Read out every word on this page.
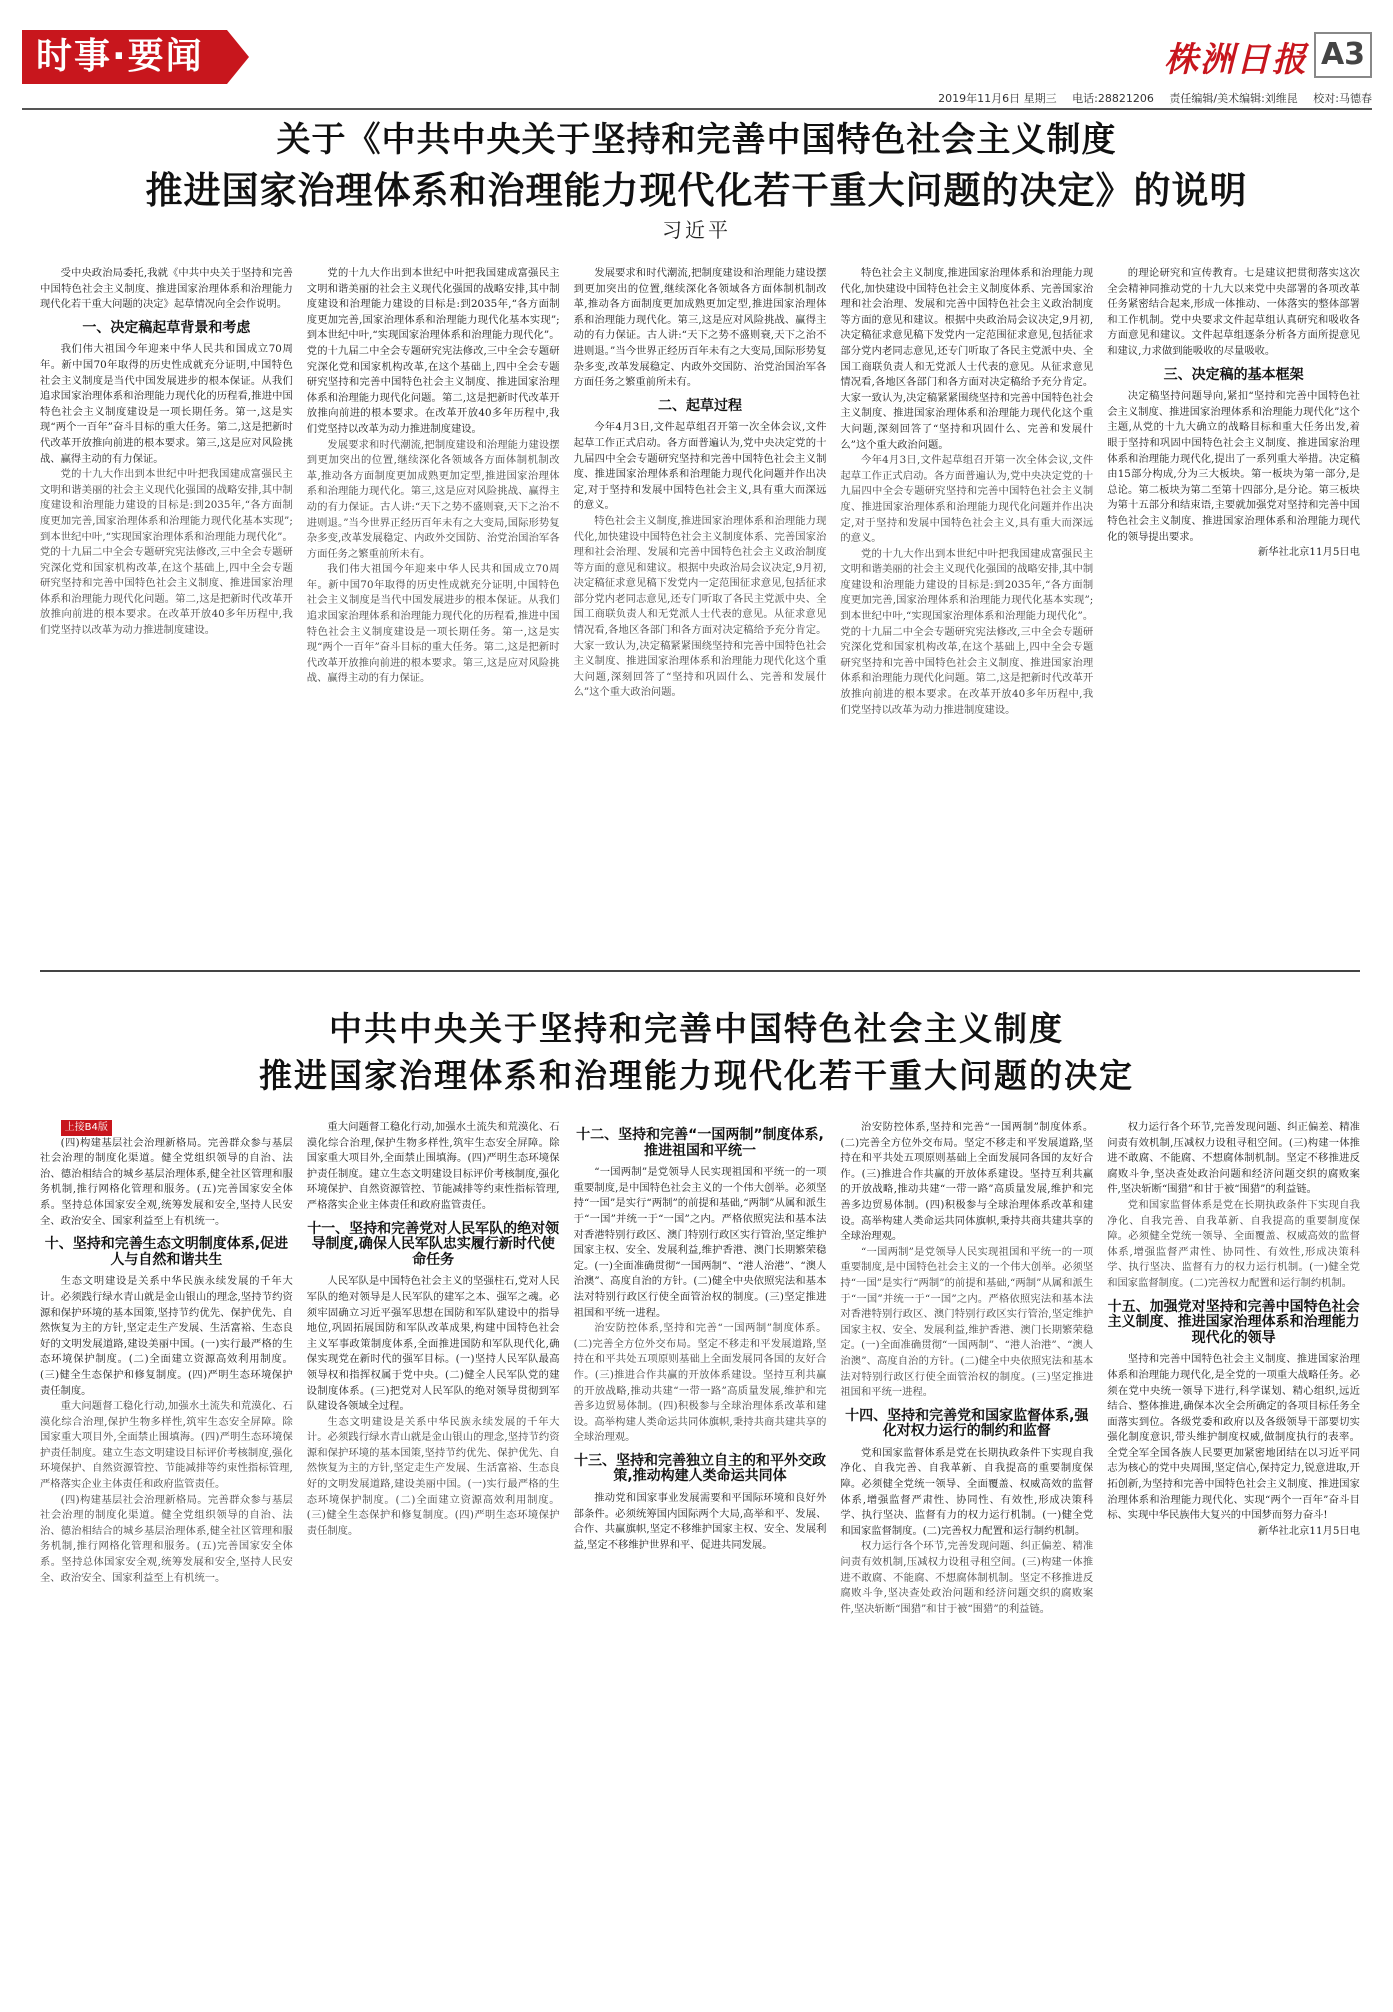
时事·要闻	株洲日报 A3
2019年11月6日 星期三 电话:28821206 责任编辑/美术编辑:刘维昆 校对:马德春
关于《中共中央关于坚持和完善中国特色社会主义制度
推进国家治理体系和治理能力现代化若干重大问题的决定》的说明
习近平

受中央政治局委托,我就《中共中央关于坚持和完善中国特色社会主义制度、推进国家治理体系和治理能力现代化若干重大问题的决定》起草情况向全会作说明。

一、决定稿起草背景和考虑

我们伟大祖国今年迎来中华人民共和国成立70周年。新中国70年取得的历史性成就充分证明,中国特色社会主义制度是当代中国发展进步的根本保证。从我们追求国家治理体系和治理能力现代化的历程看,推进中国特色社会主义制度建设是一项长期任务。第一,这是实现“两个一百年”奋斗目标的重大任务。第二,这是把新时代改革开放推向前进的根本要求。第三,这是应对风险挑战、赢得主动的有力保证。

党的十九大作出到本世纪中叶把我国建成富强民主文明和谐美丽的社会主义现代化强国的战略安排,其中制度建设和治理能力建设的目标是:到2035年,“各方面制度更加完善,国家治理体系和治理能力现代化基本实现”;到本世纪中叶,“实现国家治理体系和治理能力现代化”。党的十九届二中全会专题研究宪法修改,三中全会专题研究深化党和国家机构改革,在这个基础上,四中全会专题研究坚持和完善中国特色社会主义制度、推进国家治理体系和治理能力现代化问题。第二,这是把新时代改革开放推向前进的根本要求。在改革开放40多年历程中,我们党坚持以改革为动力推进制度建设。

党的十九大作出到本世纪中叶把我国建成富强民主文明和谐美丽的社会主义现代化强国的战略安排,其中制度建设和治理能力建设的目标是:到2035年,“各方面制度更加完善,国家治理体系和治理能力现代化基本实现”;到本世纪中叶,“实现国家治理体系和治理能力现代化”。党的十九届二中全会专题研究宪法修改,三中全会专题研究深化党和国家机构改革,在这个基础上,四中全会专题研究坚持和完善中国特色社会主义制度、推进国家治理体系和治理能力现代化问题。第二,这是把新时代改革开放推向前进的根本要求。在改革开放40多年历程中,我们党坚持以改革为动力推进制度建设。

发展要求和时代潮流,把制度建设和治理能力建设摆到更加突出的位置,继续深化各领域各方面体制机制改革,推动各方面制度更加成熟更加定型,推进国家治理体系和治理能力现代化。第三,这是应对风险挑战、赢得主动的有力保证。古人讲:“天下之势不盛则衰,天下之治不进则退。”当今世界正经历百年未有之大变局,国际形势复杂多变,改革发展稳定、内政外交国防、治党治国治军各方面任务之繁重前所未有。

我们伟大祖国今年迎来中华人民共和国成立70周年。新中国70年取得的历史性成就充分证明,中国特色社会主义制度是当代中国发展进步的根本保证。从我们追求国家治理体系和治理能力现代化的历程看,推进中国特色社会主义制度建设是一项长期任务。第一,这是实现“两个一百年”奋斗目标的重大任务。第二,这是把新时代改革开放推向前进的根本要求。第三,这是应对风险挑战、赢得主动的有力保证。

发展要求和时代潮流,把制度建设和治理能力建设摆到更加突出的位置,继续深化各领域各方面体制机制改革,推动各方面制度更加成熟更加定型,推进国家治理体系和治理能力现代化。第三,这是应对风险挑战、赢得主动的有力保证。古人讲:“天下之势不盛则衰,天下之治不进则退。”当今世界正经历百年未有之大变局,国际形势复杂多变,改革发展稳定、内政外交国防、治党治国治军各方面任务之繁重前所未有。

二、起草过程

今年4月3日,文件起草组召开第一次全体会议,文件起草工作正式启动。各方面普遍认为,党中央决定党的十九届四中全会专题研究坚持和完善中国特色社会主义制度、推进国家治理体系和治理能力现代化问题并作出决定,对于坚持和发展中国特色社会主义,具有重大而深远的意义。

特色社会主义制度,推进国家治理体系和治理能力现代化,加快建设中国特色社会主义制度体系、完善国家治理和社会治理、发展和完善中国特色社会主义政治制度等方面的意见和建议。根据中央政治局会议决定,9月初,决定稿征求意见稿下发党内一定范围征求意见,包括征求部分党内老同志意见,还专门听取了各民主党派中央、全国工商联负责人和无党派人士代表的意见。从征求意见情况看,各地区各部门和各方面对决定稿给予充分肯定。大家一致认为,决定稿紧紧围绕坚持和完善中国特色社会主义制度、推进国家治理体系和治理能力现代化这个重大问题,深刻回答了“坚持和巩固什么、完善和发展什么”这个重大政治问题。

特色社会主义制度,推进国家治理体系和治理能力现代化,加快建设中国特色社会主义制度体系、完善国家治理和社会治理、发展和完善中国特色社会主义政治制度等方面的意见和建议。根据中央政治局会议决定,9月初,决定稿征求意见稿下发党内一定范围征求意见,包括征求部分党内老同志意见,还专门听取了各民主党派中央、全国工商联负责人和无党派人士代表的意见。从征求意见情况看,各地区各部门和各方面对决定稿给予充分肯定。大家一致认为,决定稿紧紧围绕坚持和完善中国特色社会主义制度、推进国家治理体系和治理能力现代化这个重大问题,深刻回答了“坚持和巩固什么、完善和发展什么”这个重大政治问题。

今年4月3日,文件起草组召开第一次全体会议,文件起草工作正式启动。各方面普遍认为,党中央决定党的十九届四中全会专题研究坚持和完善中国特色社会主义制度、推进国家治理体系和治理能力现代化问题并作出决定,对于坚持和发展中国特色社会主义,具有重大而深远的意义。

党的十九大作出到本世纪中叶把我国建成富强民主文明和谐美丽的社会主义现代化强国的战略安排,其中制度建设和治理能力建设的目标是:到2035年,“各方面制度更加完善,国家治理体系和治理能力现代化基本实现”;到本世纪中叶,“实现国家治理体系和治理能力现代化”。党的十九届二中全会专题研究宪法修改,三中全会专题研究深化党和国家机构改革,在这个基础上,四中全会专题研究坚持和完善中国特色社会主义制度、推进国家治理体系和治理能力现代化问题。第二,这是把新时代改革开放推向前进的根本要求。在改革开放40多年历程中,我们党坚持以改革为动力推进制度建设。

的理论研究和宣传教育。七是建议把贯彻落实这次全会精神同推动党的十九大以来党中央部署的各项改革任务紧密结合起来,形成一体推动、一体落实的整体部署和工作机制。党中央要求文件起草组认真研究和吸收各方面意见和建议。文件起草组逐条分析各方面所提意见和建议,力求做到能吸收的尽量吸收。

三、决定稿的基本框架

决定稿坚持问题导向,紧扣“坚持和完善中国特色社会主义制度、推进国家治理体系和治理能力现代化”这个主题,从党的十九大确立的战略目标和重大任务出发,着眼于坚持和巩固中国特色社会主义制度、推进国家治理体系和治理能力现代化,提出了一系列重大举措。决定稿由15部分构成,分为三大板块。第一板块为第一部分,是总论。第二板块为第二至第十四部分,是分论。第三板块为第十五部分和结束语,主要就加强党对坚持和完善中国特色社会主义制度、推进国家治理体系和治理能力现代化的领导提出要求。

新华社北京11月5日电

中共中央关于坚持和完善中国特色社会主义制度
推进国家治理体系和治理能力现代化若干重大问题的决定

上接B4版

(四)构建基层社会治理新格局。完善群众参与基层社会治理的制度化渠道。健全党组织领导的自治、法治、德治相结合的城乡基层治理体系,健全社区管理和服务机制,推行网格化管理和服务。(五)完善国家安全体系。坚持总体国家安全观,统筹发展和安全,坚持人民安全、政治安全、国家利益至上有机统一。

十、坚持和完善生态文明制度体系,促进人与自然和谐共生

生态文明建设是关系中华民族永续发展的千年大计。必须践行绿水青山就是金山银山的理念,坚持节约资源和保护环境的基本国策,坚持节约优先、保护优先、自然恢复为主的方针,坚定走生产发展、生活富裕、生态良好的文明发展道路,建设美丽中国。(一)实行最严格的生态环境保护制度。(二)全面建立资源高效利用制度。(三)健全生态保护和修复制度。(四)严明生态环境保护责任制度。

重大问题督工稳化行动,加强水土流失和荒漠化、石漠化综合治理,保护生物多样性,筑牢生态安全屏障。除国家重大项目外,全面禁止围填海。(四)严明生态环境保护责任制度。建立生态文明建设目标评价考核制度,强化环境保护、自然资源管控、节能减排等约束性指标管理,严格落实企业主体责任和政府监管责任。

(四)构建基层社会治理新格局。完善群众参与基层社会治理的制度化渠道。健全党组织领导的自治、法治、德治相结合的城乡基层治理体系,健全社区管理和服务机制,推行网格化管理和服务。(五)完善国家安全体系。坚持总体国家安全观,统筹发展和安全,坚持人民安全、政治安全、国家利益至上有机统一。

重大问题督工稳化行动,加强水土流失和荒漠化、石漠化综合治理,保护生物多样性,筑牢生态安全屏障。除国家重大项目外,全面禁止围填海。(四)严明生态环境保护责任制度。建立生态文明建设目标评价考核制度,强化环境保护、自然资源管控、节能减排等约束性指标管理,严格落实企业主体责任和政府监管责任。

十一、坚持和完善党对人民军队的绝对领导制度,确保人民军队忠实履行新时代使命任务

人民军队是中国特色社会主义的坚强柱石,党对人民军队的绝对领导是人民军队的建军之本、强军之魂。必须牢固确立习近平强军思想在国防和军队建设中的指导地位,巩固拓展国防和军队改革成果,构建中国特色社会主义军事政策制度体系,全面推进国防和军队现代化,确保实现党在新时代的强军目标。(一)坚持人民军队最高领导权和指挥权属于党中央。(二)健全人民军队党的建设制度体系。(三)把党对人民军队的绝对领导贯彻到军队建设各领域全过程。

生态文明建设是关系中华民族永续发展的千年大计。必须践行绿水青山就是金山银山的理念,坚持节约资源和保护环境的基本国策,坚持节约优先、保护优先、自然恢复为主的方针,坚定走生产发展、生活富裕、生态良好的文明发展道路,建设美丽中国。(一)实行最严格的生态环境保护制度。(二)全面建立资源高效利用制度。(三)健全生态保护和修复制度。(四)严明生态环境保护责任制度。

十二、坚持和完善“一国两制”制度体系,推进祖国和平统一

“一国两制”是党领导人民实现祖国和平统一的一项重要制度,是中国特色社会主义的一个伟大创举。必须坚持“一国”是实行“两制”的前提和基础,“两制”从属和派生于“一国”并统一于“一国”之内。严格依照宪法和基本法对香港特别行政区、澳门特别行政区实行管治,坚定维护国家主权、安全、发展利益,维护香港、澳门长期繁荣稳定。(一)全面准确贯彻“一国两制”、“港人治港”、“澳人治澳”、高度自治的方针。(二)健全中央依照宪法和基本法对特别行政区行使全面管治权的制度。(三)坚定推进祖国和平统一进程。

治安防控体系,坚持和完善“一国两制”制度体系。(二)完善全方位外交布局。坚定不移走和平发展道路,坚持在和平共处五项原则基础上全面发展同各国的友好合作。(三)推进合作共赢的开放体系建设。坚持互利共赢的开放战略,推动共建“一带一路”高质量发展,维护和完善多边贸易体制。(四)积极参与全球治理体系改革和建设。高举构建人类命运共同体旗帜,秉持共商共建共享的全球治理观。

十三、坚持和完善独立自主的和平外交政策,推动构建人类命运共同体

推动党和国家事业发展需要和平国际环境和良好外部条件。必须统筹国内国际两个大局,高举和平、发展、合作、共赢旗帜,坚定不移维护国家主权、安全、发展利益,坚定不移维护世界和平、促进共同发展。

治安防控体系,坚持和完善“一国两制”制度体系。(二)完善全方位外交布局。坚定不移走和平发展道路,坚持在和平共处五项原则基础上全面发展同各国的友好合作。(三)推进合作共赢的开放体系建设。坚持互利共赢的开放战略,推动共建“一带一路”高质量发展,维护和完善多边贸易体制。(四)积极参与全球治理体系改革和建设。高举构建人类命运共同体旗帜,秉持共商共建共享的全球治理观。

“一国两制”是党领导人民实现祖国和平统一的一项重要制度,是中国特色社会主义的一个伟大创举。必须坚持“一国”是实行“两制”的前提和基础,“两制”从属和派生于“一国”并统一于“一国”之内。严格依照宪法和基本法对香港特别行政区、澳门特别行政区实行管治,坚定维护国家主权、安全、发展利益,维护香港、澳门长期繁荣稳定。(一)全面准确贯彻“一国两制”、“港人治港”、“澳人治澳”、高度自治的方针。(二)健全中央依照宪法和基本法对特别行政区行使全面管治权的制度。(三)坚定推进祖国和平统一进程。

十四、坚持和完善党和国家监督体系,强化对权力运行的制约和监督

党和国家监督体系是党在长期执政条件下实现自我净化、自我完善、自我革新、自我提高的重要制度保障。必须健全党统一领导、全面覆盖、权威高效的监督体系,增强监督严肃性、协同性、有效性,形成决策科学、执行坚决、监督有力的权力运行机制。(一)健全党和国家监督制度。(二)完善权力配置和运行制约机制。

权力运行各个环节,完善发现问题、纠正偏差、精准问责有效机制,压减权力设租寻租空间。(三)构建一体推进不敢腐、不能腐、不想腐体制机制。坚定不移推进反腐败斗争,坚决查处政治问题和经济问题交织的腐败案件,坚决斩断“围猎”和甘于被“围猎”的利益链。

权力运行各个环节,完善发现问题、纠正偏差、精准问责有效机制,压减权力设租寻租空间。(三)构建一体推进不敢腐、不能腐、不想腐体制机制。坚定不移推进反腐败斗争,坚决查处政治问题和经济问题交织的腐败案件,坚决斩断“围猎”和甘于被“围猎”的利益链。

党和国家监督体系是党在长期执政条件下实现自我净化、自我完善、自我革新、自我提高的重要制度保障。必须健全党统一领导、全面覆盖、权威高效的监督体系,增强监督严肃性、协同性、有效性,形成决策科学、执行坚决、监督有力的权力运行机制。(一)健全党和国家监督制度。(二)完善权力配置和运行制约机制。

十五、加强党对坚持和完善中国特色社会主义制度、推进国家治理体系和治理能力现代化的领导

坚持和完善中国特色社会主义制度、推进国家治理体系和治理能力现代化,是全党的一项重大战略任务。必须在党中央统一领导下进行,科学谋划、精心组织,远近结合、整体推进,确保本次全会所确定的各项目标任务全面落实到位。各级党委和政府以及各级领导干部要切实强化制度意识,带头维护制度权威,做制度执行的表率。全党全军全国各族人民要更加紧密地团结在以习近平同志为核心的党中央周围,坚定信心,保持定力,锐意进取,开拓创新,为坚持和完善中国特色社会主义制度、推进国家治理体系和治理能力现代化、实现“两个一百年”奋斗目标、实现中华民族伟大复兴的中国梦而努力奋斗!

新华社北京11月5日电
